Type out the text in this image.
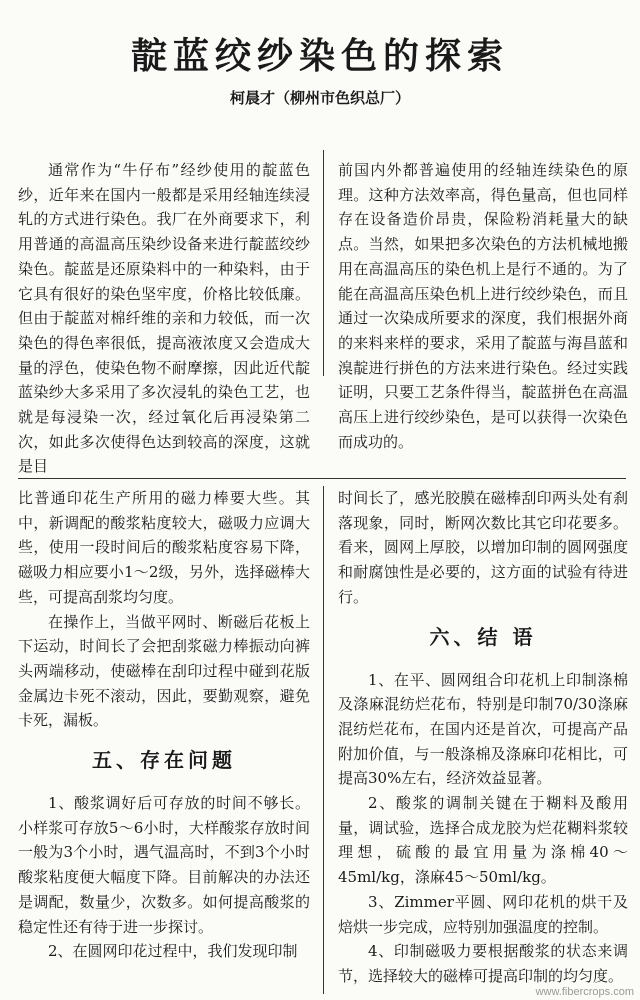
靛蓝绞纱染色的探索
柯晨才（柳州市色织总厂）

通常作为“牛仔布”经纱使用的靛蓝色纱，近年来在国内一般都是采用经轴连续浸轧的方式进行染色。我厂在外商要求下，利用普通的高温高压染纱设备来进行靛蓝绞纱染色。靛蓝是还原染料中的一种染料，由于它具有很好的染色坚牢度，价格比较低廉。但由于靛蓝对棉纤维的亲和力较低，而一次染色的得色率很低，提高液浓度又会造成大量的浮色，使染色物不耐摩擦，因此近代靛蓝染纱大多采用了多次浸轧的染色工艺，也就是每浸染一次，经过氧化后再浸染第二次，如此多次使得色达到较高的深度，这就是目

前国内外都普遍使用的经轴连续染色的原理。这种方法效率高，得色量高，但也同样存在设备造价昂贵，保险粉消耗量大的缺点。当然，如果把多次染色的方法机械地搬用在高温高压的染色机上是行不通的。为了能在高温高压染色机上进行绞纱染色，而且通过一次染成所要求的深度，我们根据外商的来料来样的要求，采用了靛蓝与海昌蓝和溴靛进行拼色的方法来进行染色。经过实践证明，只要工艺条件得当，靛蓝拼色在高温高压上进行绞纱染色，是可以获得一次染色而成功的。

比普通印花生产所用的磁力棒要大些。其中，新调配的酸浆粘度较大，磁吸力应调大些，使用一段时间后的酸浆粘度容易下降，磁吸力相应要小1～2级，另外，选择磁棒大些，可提高刮浆均匀度。

在操作上，当做平网时、断磁后花板上下运动，时间长了会把刮浆磁力棒振动向裤头两端移动，使磁棒在刮印过程中碰到花版金属边卡死不滚动，因此，要勤观察，避免卡死，漏板。

五、存在问题

1、酸浆调好后可存放的时间不够长。小样浆可存放5～6小时，大样酸浆存放时间一般为3个小时，遇气温高时，不到3个小时酸浆粘度便大幅度下降。目前解决的办法还是调配，数量少，次数多。如何提高酸浆的稳定性还有待于进一步探讨。

2、在圆网印花过程中，我们发现印制

时间长了，感光胶膜在磁棒刮印两头处有刹落现象，同时，断网次数比其它印花要多。看来，圆网上厚胶，以增加印制的圆网强度和耐腐蚀性是必要的，这方面的试验有待进行。

六、结 语

1、在平、圆网组合印花机上印制涤棉及涤麻混纺烂花布，特别是印制70/30涤麻混纺烂花布，在国内还是首次，可提高产品附加价值，与一般涤棉及涤麻印花相比，可提高30%左右，经济效益显著。

2、酸浆的调制关键在于糊料及酸用量，调试验，选择合成龙胶为烂花糊料浆较理想，硫酸的最宜用量为涤棉40～45ml/kg，涤麻45～50ml/kg。

3、Zimmer平圆、网印花机的烘干及焙烘一步完成，应特别加强温度的控制。

4、印制磁吸力要根据酸浆的状态来调节，选择较大的磁棒可提高印制的均匀度。

www.fibercrops.com
